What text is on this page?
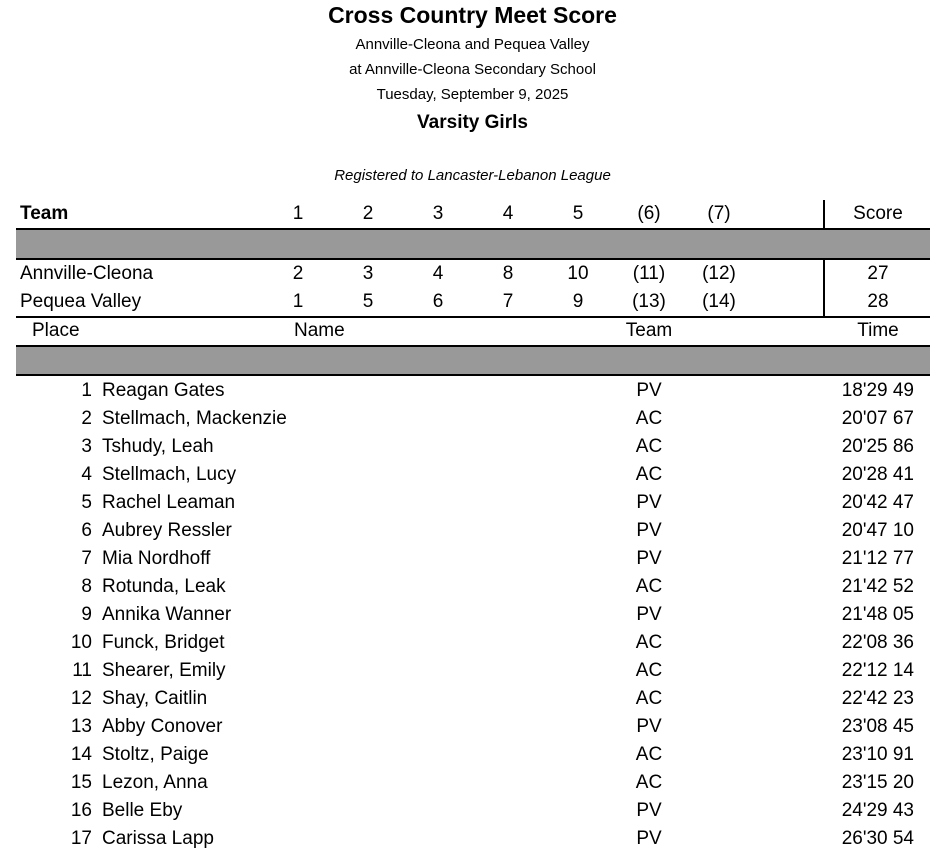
Cross Country Meet Score
Annville-Cleona and Pequea Valley
at Annville-Cleona Secondary School
Tuesday, September 9, 2025
Varsity Girls
Registered to Lancaster-Lebanon League
Team	1	2	3	4	5	(6)	(7)	Score
Annville-Cleona	2	3	4	8	10	(11)	(12)	27
Pequea Valley	1	5	6	7	9	(13)	(14)	28
Place	Name	Team	Time
1 Reagan Gates	PV	18'29 49
2 Stellmach, Mackenzie	AC	20'07 67
3 Tshudy, Leah	AC	20'25 86
4 Stellmach, Lucy	AC	20'28 41
5 Rachel Leaman	PV	20'42 47
6 Aubrey Ressler	PV	20'47 10
7 Mia Nordhoff	PV	21'12 77
8 Rotunda, Leak	AC	21'42 52
9 Annika Wanner	PV	21'48 05
10 Funck, Bridget	AC	22'08 36
11 Shearer, Emily	AC	22'12 14
12 Shay, Caitlin	AC	22'42 23
13 Abby Conover	PV	23'08 45
14 Stoltz, Paige	AC	23'10 91
15 Lezon, Anna	AC	23'15 20
16 Belle Eby	PV	24'29 43
17 Carissa Lapp	PV	26'30 54
